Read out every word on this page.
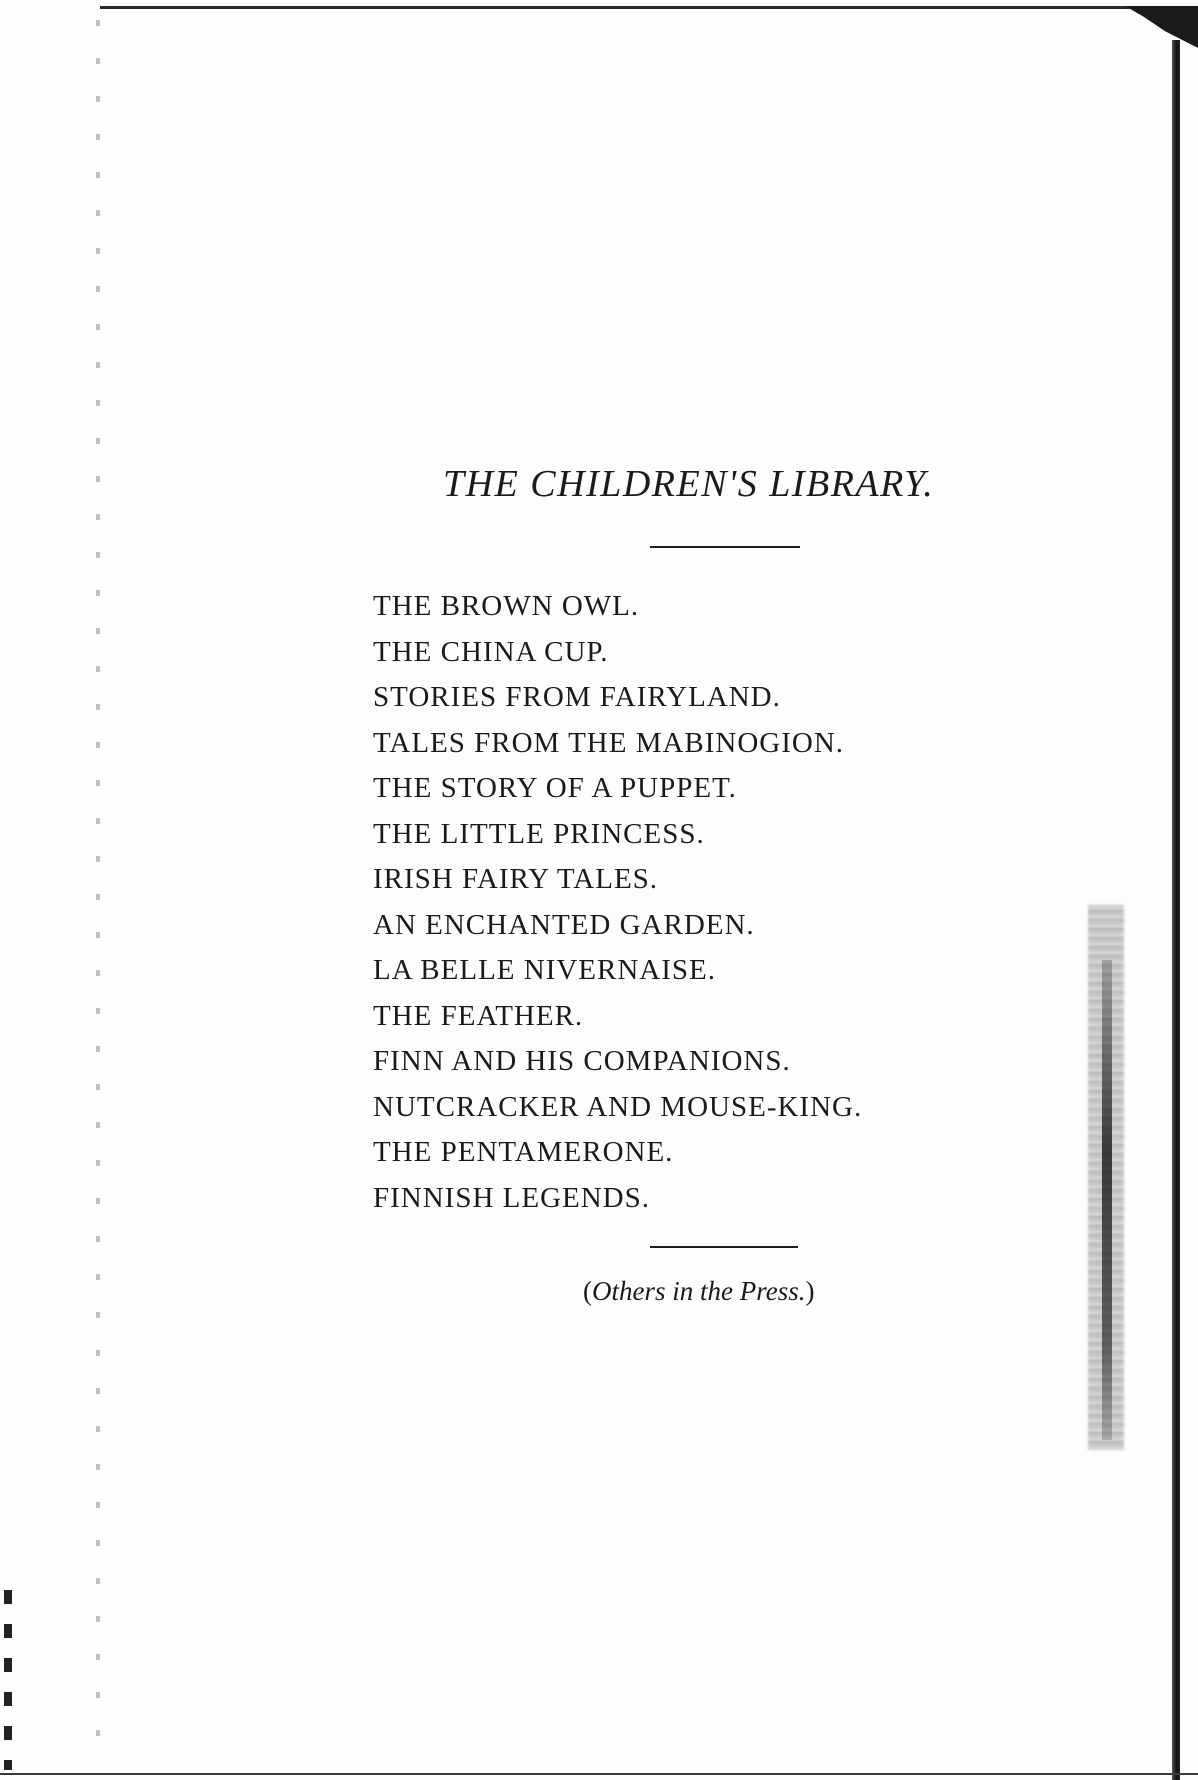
THE CHILDREN'S LIBRARY.
THE BROWN OWL.
THE CHINA CUP.
STORIES FROM FAIRYLAND.
TALES FROM THE MABINOGION.
THE STORY OF A PUPPET.
THE LITTLE PRINCESS.
IRISH FAIRY TALES.
AN ENCHANTED GARDEN.
LA BELLE NIVERNAISE.
THE FEATHER.
FINN AND HIS COMPANIONS.
NUTCRACKER AND MOUSE-KING.
THE PENTAMERONE.
FINNISH LEGENDS.
(Others in the Press.)
